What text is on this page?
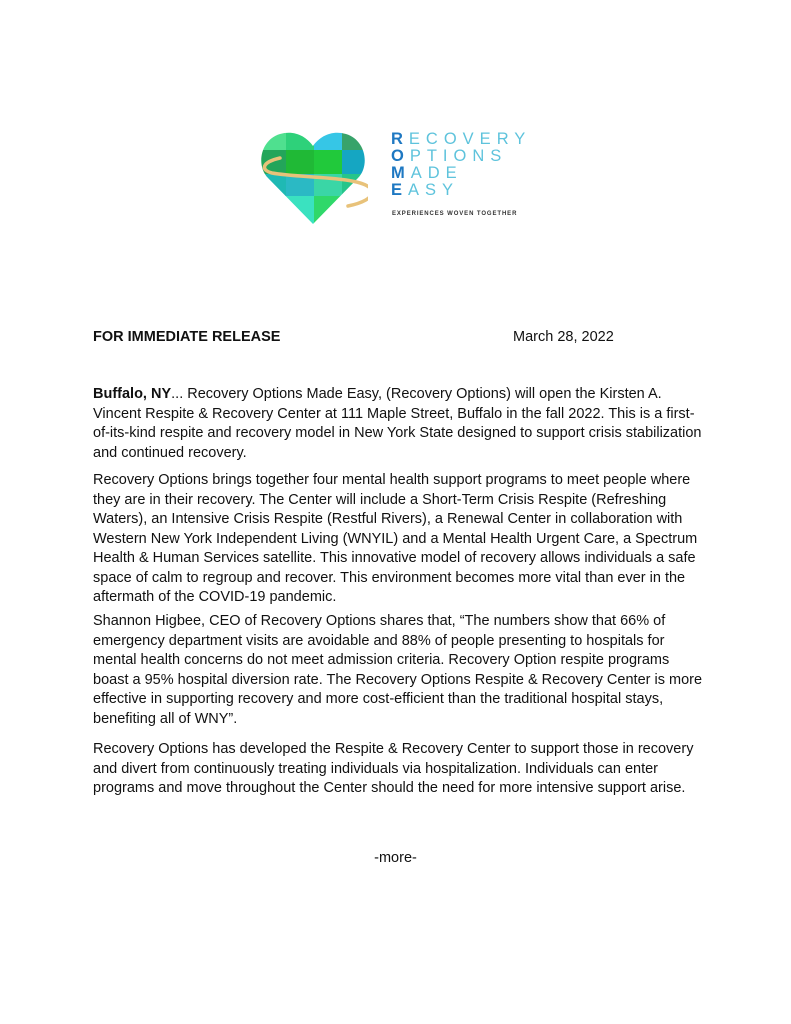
RECOVERY
OPTIONS
MADE
EASY
EXPERIENCES WOVEN TOGETHER
FOR IMMEDIATE RELEASE	March 28, 2022

Buffalo, NY... Recovery Options Made Easy, (Recovery Options) will open the Kirsten A. Vincent Respite & Recovery Center at 111 Maple Street, Buffalo in the fall 2022. This is a first-of-its-kind respite and recovery model in New York State designed to support crisis stabilization and continued recovery.

Recovery Options brings together four mental health support programs to meet people where they are in their recovery. The Center will include a Short-Term Crisis Respite (Refreshing Waters), an Intensive Crisis Respite (Restful Rivers), a Renewal Center in collaboration with Western New York Independent Living (WNYIL) and a Mental Health Urgent Care, a Spectrum Health & Human Services satellite. This innovative model of recovery allows individuals a safe space of calm to regroup and recover. This environment becomes more vital than ever in the aftermath of the COVID-19 pandemic.

Shannon Higbee, CEO of Recovery Options shares that, “The numbers show that 66% of emergency department visits are avoidable and 88% of people presenting to hospitals for mental health concerns do not meet admission criteria. Recovery Option respite programs boast a 95% hospital diversion rate. The Recovery Options Respite & Recovery Center is more effective in supporting recovery and more cost-efficient than the traditional hospital stays, benefiting all of WNY”.

Recovery Options has developed the Respite & Recovery Center to support those in recovery and divert from continuously treating individuals via hospitalization. Individuals can enter programs and move throughout the Center should the need for more intensive support arise.

-more-
